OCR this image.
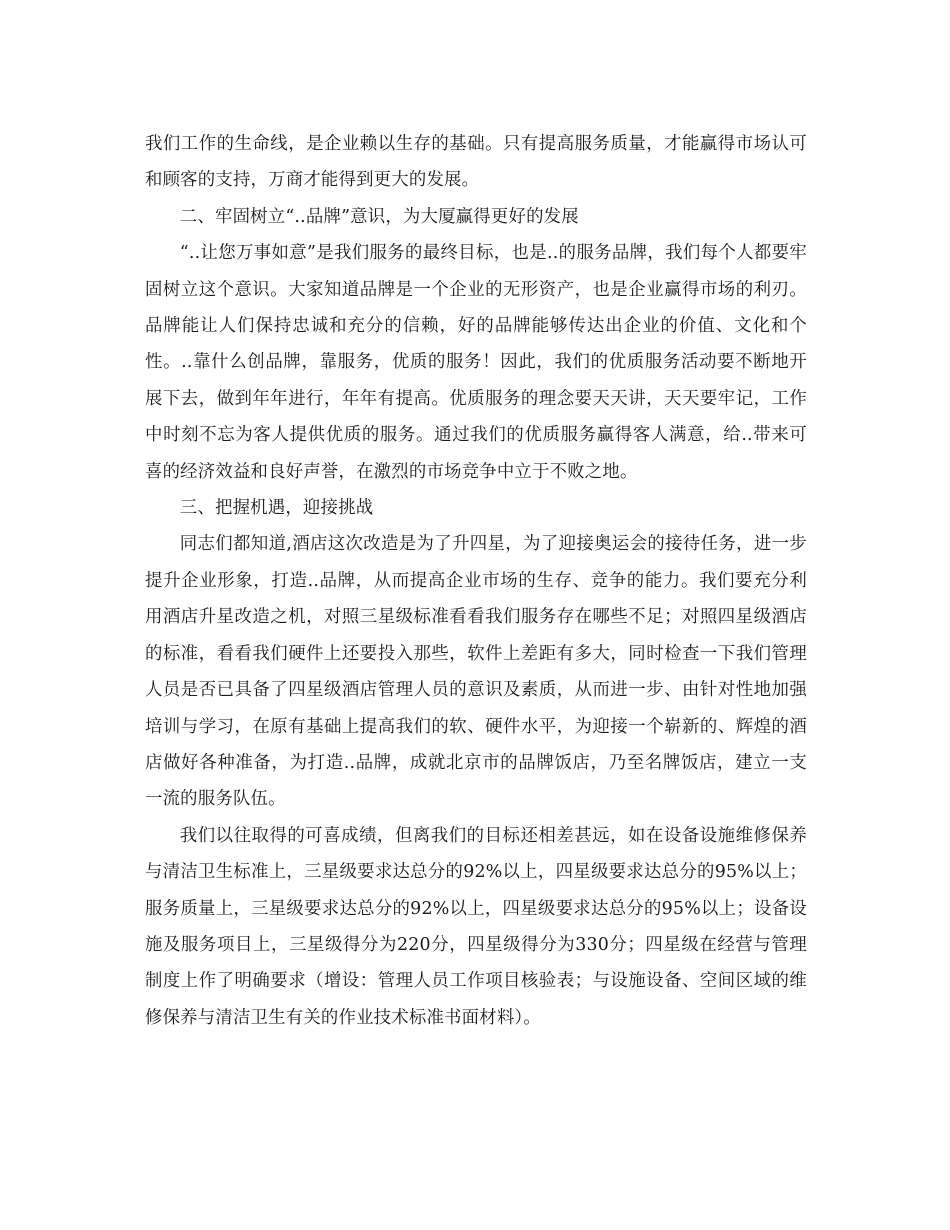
我们工作的生命线，是企业赖以生存的基础。只有提高服务质量，才能赢得市场认可和顾客的支持，万商才能得到更大的发展。

二、牢固树立“..品牌”意识，为大厦赢得更好的发展

“..让您万事如意”是我们服务的最终目标，也是..的服务品牌，我们每个人都要牢固树立这个意识。大家知道品牌是一个企业的无形资产，也是企业赢得市场的利刃。品牌能让人们保持忠诚和充分的信赖，好的品牌能够传达出企业的价值、文化和个性。..靠什么创品牌，靠服务，优质的服务！因此，我们的优质服务活动要不断地开展下去，做到年年进行，年年有提高。优质服务的理念要天天讲，天天要牢记，工作中时刻不忘为客人提供优质的服务。通过我们的优质服务赢得客人满意，给..带来可喜的经济效益和良好声誉，在激烈的市场竞争中立于不败之地。

三、把握机遇，迎接挑战

同志们都知道,酒店这次改造是为了升四星，为了迎接奥运会的接待任务，进一步提升企业形象，打造..品牌，从而提高企业市场的生存、竞争的能力。我们要充分利用酒店升星改造之机，对照三星级标准看看我们服务存在哪些不足；对照四星级酒店的标准，看看我们硬件上还要投入那些，软件上差距有多大，同时检查一下我们管理人员是否已具备了四星级酒店管理人员的意识及素质，从而进一步、由针对性地加强培训与学习，在原有基础上提高我们的软、硬件水平，为迎接一个崭新的、辉煌的酒店做好各种准备，为打造..品牌，成就北京市的品牌饭店，乃至名牌饭店，建立一支一流的服务队伍。

我们以往取得的可喜成绩，但离我们的目标还相差甚远，如在设备设施维修保养与清洁卫生标准上，三星级要求达总分的92%以上，四星级要求达总分的95%以上；服务质量上，三星级要求达总分的92%以上，四星级要求达总分的95%以上；设备设施及服务项目上，三星级得分为220分，四星级得分为330分；四星级在经营与管理制度上作了明确要求（增设：管理人员工作项目核验表；与设施设备、空间区域的维修保养与清洁卫生有关的作业技术标准书面材料）。
